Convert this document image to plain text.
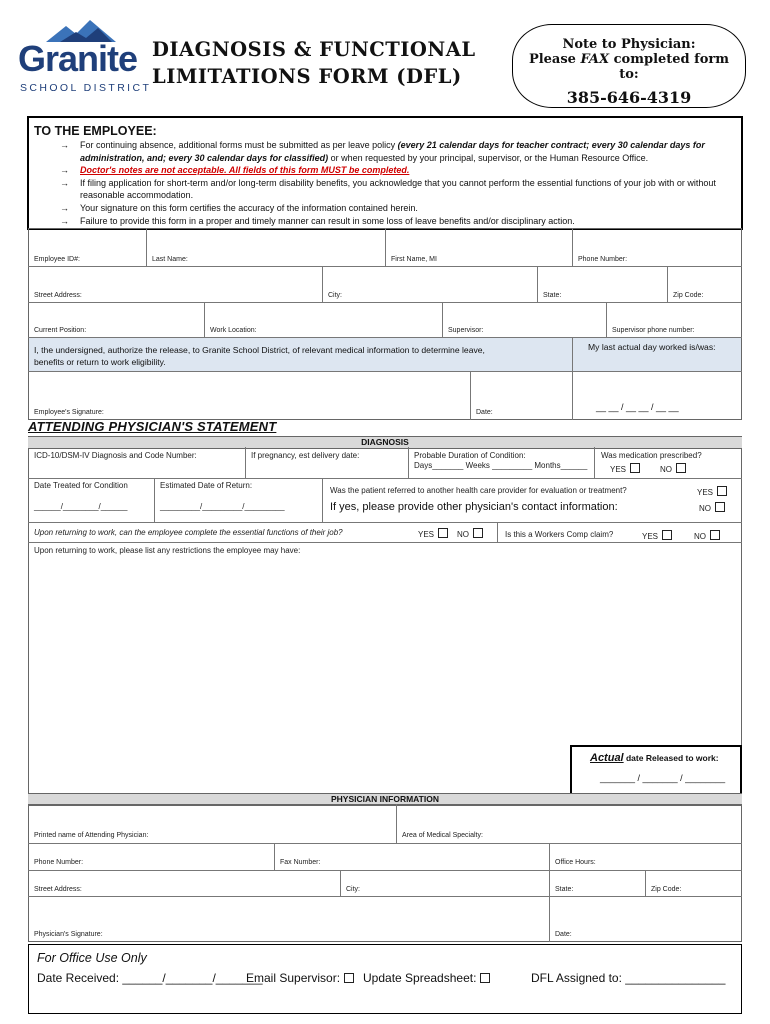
Granite
SCHOOL DISTRICT
DIAGNOSIS & FUNCTIONAL
LIMITATIONS FORM (DFL)
Note to Physician:
Please FAX completed form
to:
385-646-4319
TO THE EMPLOYEE:
→ For continuing absence, additional forms must be submitted as per leave policy (every 21 calendar days for teacher contract; every 30 calendar days for administration, and; every 30 calendar days for classified) or when requested by your principal, supervisor, or the Human Resource Office.
→ Doctor's notes are not acceptable. All fields of this form MUST be completed.
→ If filing application for short-term and/or long-term disability benefits, you acknowledge that you cannot perform the essential functions of your job with or without reasonable accommodation.
→ Your signature on this form certifies the accuracy of the information contained herein.
→ Failure to provide this form in a proper and timely manner can result in some loss of leave benefits and/or disciplinary action.
Employee ID#:	Last Name:	First Name, MI	Phone Number:
Street Address:	City:	State:	Zip Code:
Current Position:	Work Location:	Supervisor:	Supervisor phone number:
I, the undersigned, authorize the release, to Granite School District, of relevant medical information to determine leave,
benefits or return to work eligibility.
My last actual day worked is/was:
__ __ / __ __ / __ __
Employee's Signature:	Date:
ATTENDING PHYSICIAN'S STATEMENT
DIAGNOSIS
ICD-10/DSM-IV Diagnosis and Code Number:	If pregnancy, est delivery date:	Probable Duration of Condition:
Days_______ Weeks _________ Months______
Was medication prescribed?
YES	NO
Date Treated for Condition
______/________/______
Estimated Date of Return:
_________/_________/_________
Was the patient referred to another health care provider for evaluation or treatment?	YES
If yes, please provide other physician's contact information:	NO
Upon returning to work, can the employee complete the essential functions of their job?	YES	NO	Is this a Workers Comp claim?	YES	NO
Upon returning to work, please list any restrictions the employee may have:
Actual date Released to work:
_______ / _______ / ________
PHYSICIAN INFORMATION
Printed name of Attending Physician:	Area of Medical Specialty:
Phone Number:	Fax Number:	Office Hours:
Street Address:	City:	State:	Zip Code:
Physician's Signature:	Date:
For Office Use Only
Date Received: ______/_______/_______
Email Supervisor:	Update Spreadsheet:	DFL Assigned to: _______________
